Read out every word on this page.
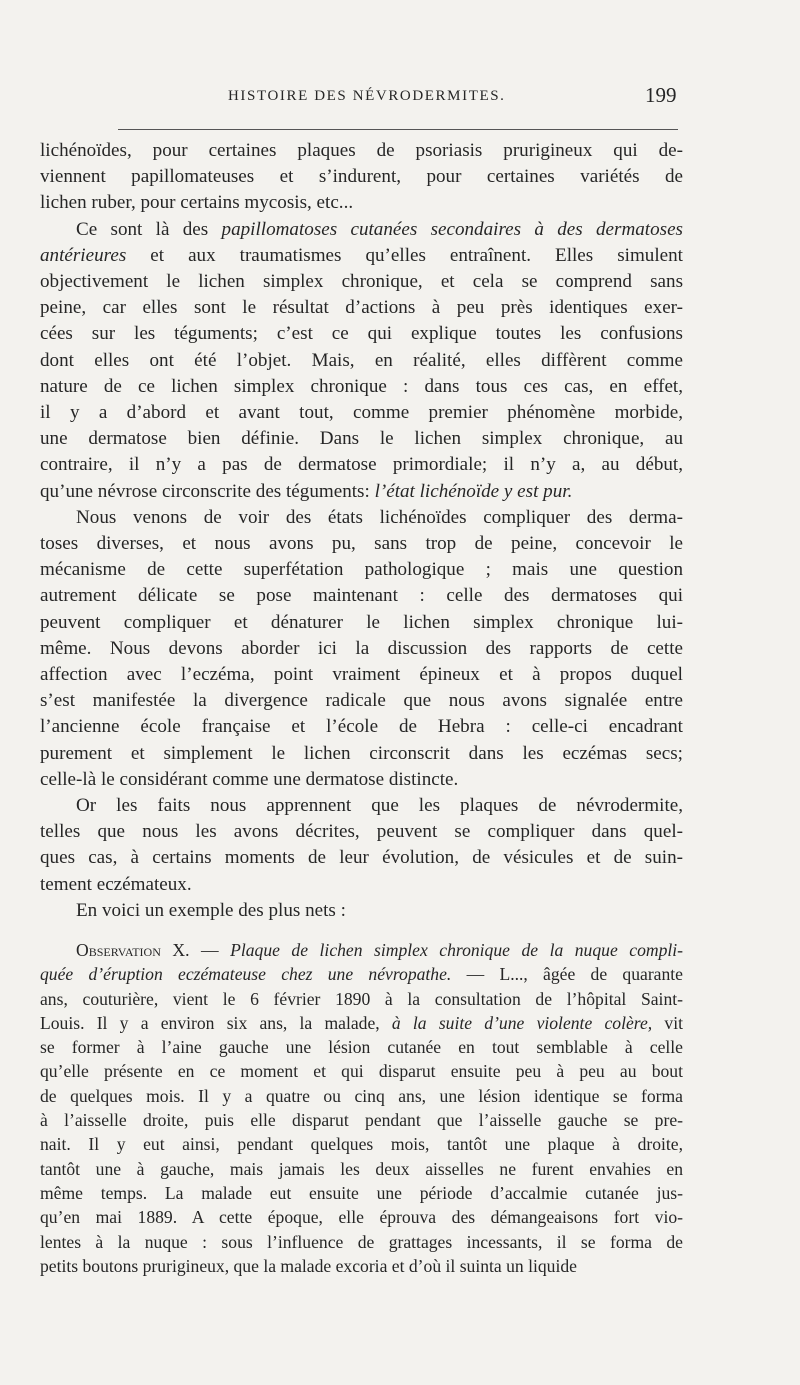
HISTOIRE DES NÉVRODERMITES.	199
lichénoïdes, pour certaines plaques de psoriasis prurigineux qui de-
viennent papillomateuses et s’indurent, pour certaines variétés de
lichen ruber, pour certains mycosis, etc...
Ce sont là des papillomatoses cutanées secondaires à des dermatoses
antérieures et aux traumatismes qu’elles entraînent. Elles simulent
objectivement le lichen simplex chronique, et cela se comprend sans
peine, car elles sont le résultat d’actions à peu près identiques exer-
cées sur les téguments; c’est ce qui explique toutes les confusions
dont elles ont été l’objet. Mais, en réalité, elles diffèrent comme
nature de ce lichen simplex chronique : dans tous ces cas, en effet,
il y a d’abord et avant tout, comme premier phénomène morbide,
une dermatose bien définie. Dans le lichen simplex chronique, au
contraire, il n’y a pas de dermatose primordiale; il n’y a, au début,
qu’une névrose circonscrite des téguments: l’état lichénoïde y est pur.
Nous venons de voir des états lichénoïdes compliquer des derma-
toses diverses, et nous avons pu, sans trop de peine, concevoir le
mécanisme de cette superfétation pathologique ; mais une question
autrement délicate se pose maintenant : celle des dermatoses qui
peuvent compliquer et dénaturer le lichen simplex chronique lui-
même. Nous devons aborder ici la discussion des rapports de cette
affection avec l’eczéma, point vraiment épineux et à propos duquel
s’est manifestée la divergence radicale que nous avons signalée entre
l’ancienne école française et l’école de Hebra : celle-ci encadrant
purement et simplement le lichen circonscrit dans les eczémas secs;
celle-là le considérant comme une dermatose distincte.
Or les faits nous apprennent que les plaques de névrodermite,
telles que nous les avons décrites, peuvent se compliquer dans quel-
ques cas, à certains moments de leur évolution, de vésicules et de suin-
tement eczémateux.
En voici un exemple des plus nets :
Observation X. — Plaque de lichen simplex chronique de la nuque compli-
quée d’éruption eczémateuse chez une névropathe. — L..., âgée de quarante
ans, couturière, vient le 6 février 1890 à la consultation de l’hôpital Saint-
Louis. Il y a environ six ans, la malade, à la suite d’une violente colère, vit
se former à l’aine gauche une lésion cutanée en tout semblable à celle
qu’elle présente en ce moment et qui disparut ensuite peu à peu au bout
de quelques mois. Il y a quatre ou cinq ans, une lésion identique se forma
à l’aisselle droite, puis elle disparut pendant que l’aisselle gauche se pre-
nait. Il y eut ainsi, pendant quelques mois, tantôt une plaque à droite,
tantôt une à gauche, mais jamais les deux aisselles ne furent envahies en
même temps. La malade eut ensuite une période d’accalmie cutanée jus-
qu’en mai 1889. A cette époque, elle éprouva des démangeaisons fort vio-
lentes à la nuque : sous l’influence de grattages incessants, il se forma de
petits boutons prurigineux, que la malade excoria et d’où il suinta un liquide
